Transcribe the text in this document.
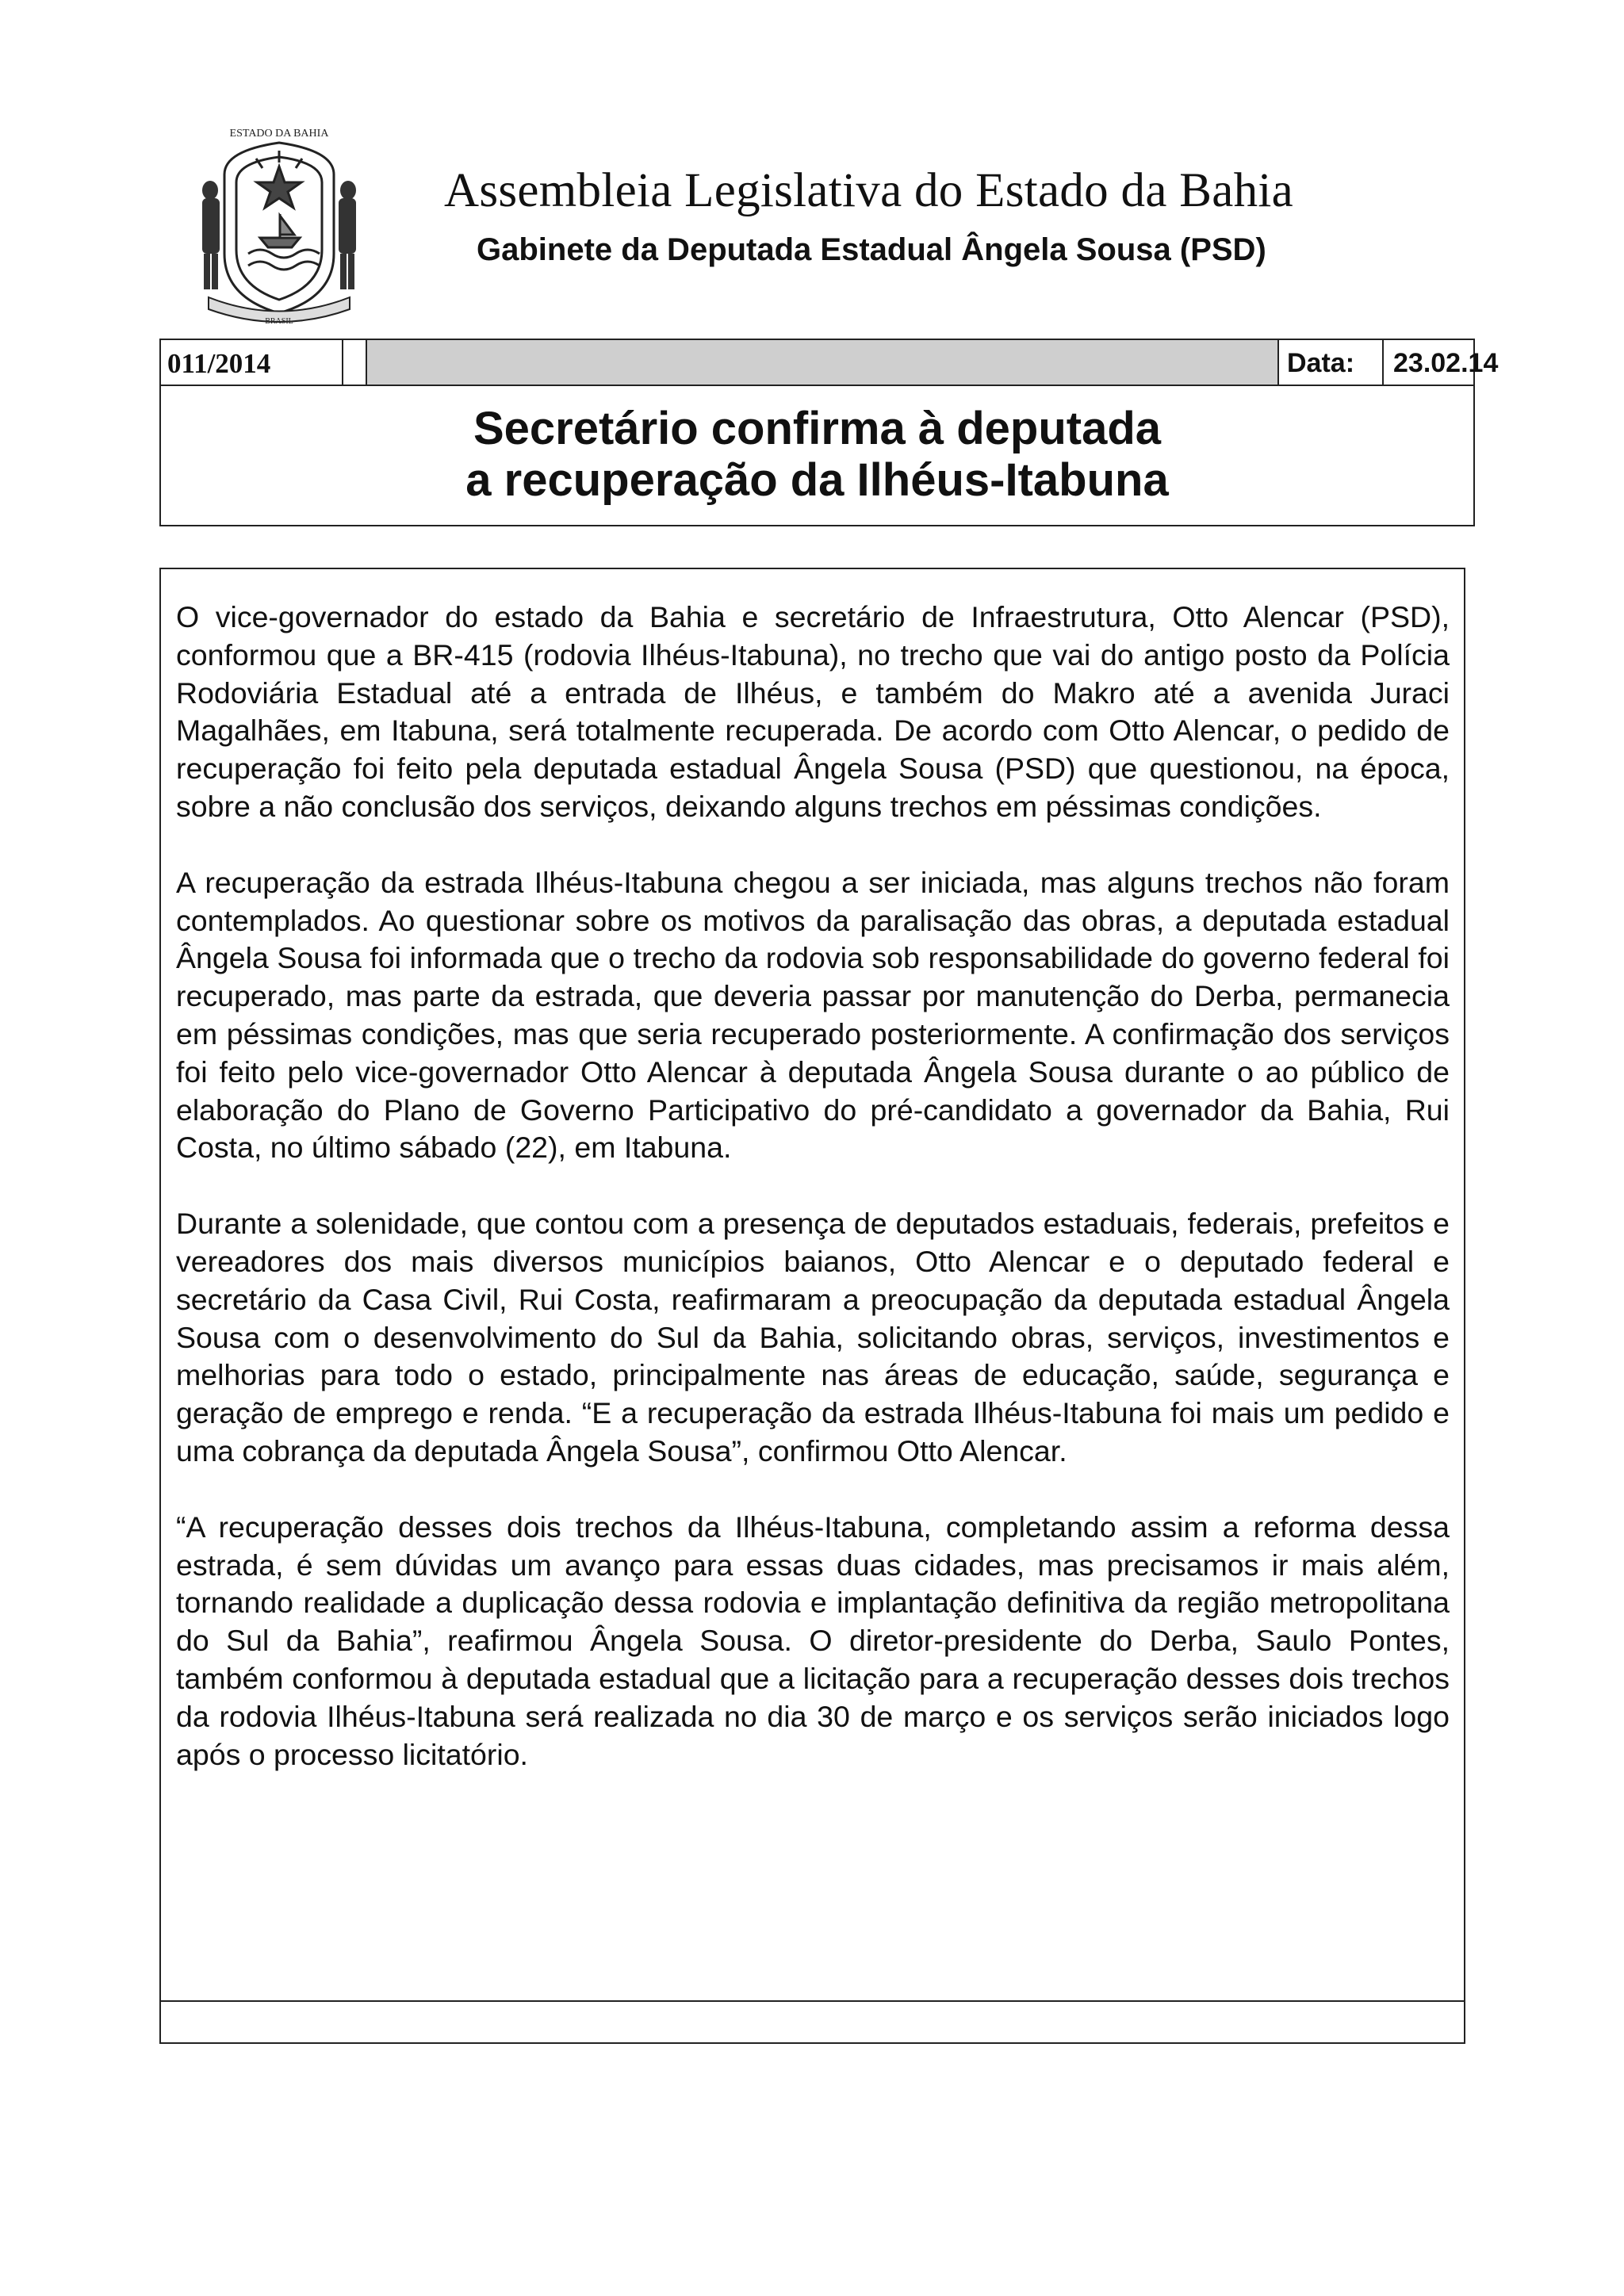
BRASIL
ESTADO DA BAHIA
Assembleia Legislativa do Estado da Bahia
Gabinete da Deputada Estadual Ângela Sousa (PSD)
011/2014	Data: 23.02.14
Secretário confirma à deputada
a recuperação da Ilhéus-Itabuna

O vice-governador do estado da Bahia e secretário de Infraestrutura, Otto Alencar (PSD), conformou que a BR-415 (rodovia Ilhéus-Itabuna), no trecho que vai do antigo posto da Polícia Rodoviária Estadual até a entrada de Ilhéus, e também do Makro até a avenida Juraci Magalhães, em Itabuna, será totalmente recuperada. De acordo com Otto Alencar, o pedido de recuperação foi feito pela deputada estadual Ângela Sousa (PSD) que questionou, na época, sobre a não conclusão dos serviços, deixando alguns trechos em péssimas condições.

A recuperação da estrada Ilhéus-Itabuna chegou a ser iniciada, mas alguns trechos não foram contemplados. Ao questionar sobre os motivos da paralisação das obras, a deputada estadual Ângela Sousa foi informada que o trecho da rodovia sob responsabilidade do governo federal foi recuperado, mas parte da estrada, que deveria passar por manutenção do Derba, permanecia em péssimas condições, mas que seria recuperado posteriormente. A confirmação dos serviços foi feito pelo vice-governador Otto Alencar à deputada Ângela Sousa durante o ao público de elaboração do Plano de Governo Participativo do pré-candidato a governador da Bahia, Rui Costa, no último sábado (22), em Itabuna.

Durante a solenidade, que contou com a presença de deputados estaduais, federais, prefeitos e vereadores dos mais diversos municípios baianos, Otto Alencar e o deputado federal e secretário da Casa Civil, Rui Costa, reafirmaram a preocupação da deputada estadual Ângela Sousa com o desenvolvimento do Sul da Bahia, solicitando obras, serviços, investimentos e melhorias para todo o estado, principalmente nas áreas de educação, saúde, segurança e geração de emprego e renda. “E a recuperação da estrada Ilhéus-Itabuna foi mais um pedido e uma cobrança da deputada Ângela Sousa”, confirmou Otto Alencar.

“A recuperação desses dois trechos da Ilhéus-Itabuna, completando assim a reforma dessa estrada, é sem dúvidas um avanço para essas duas cidades, mas precisamos ir mais além, tornando realidade a duplicação dessa rodovia e implantação definitiva da região metropolitana do Sul da Bahia”, reafirmou Ângela Sousa. O diretor-presidente do Derba, Saulo Pontes, também conformou à deputada estadual que a licitação para a recuperação desses dois trechos da rodovia Ilhéus-Itabuna será realizada no dia 30 de março e os serviços serão iniciados logo após o processo licitatório.
